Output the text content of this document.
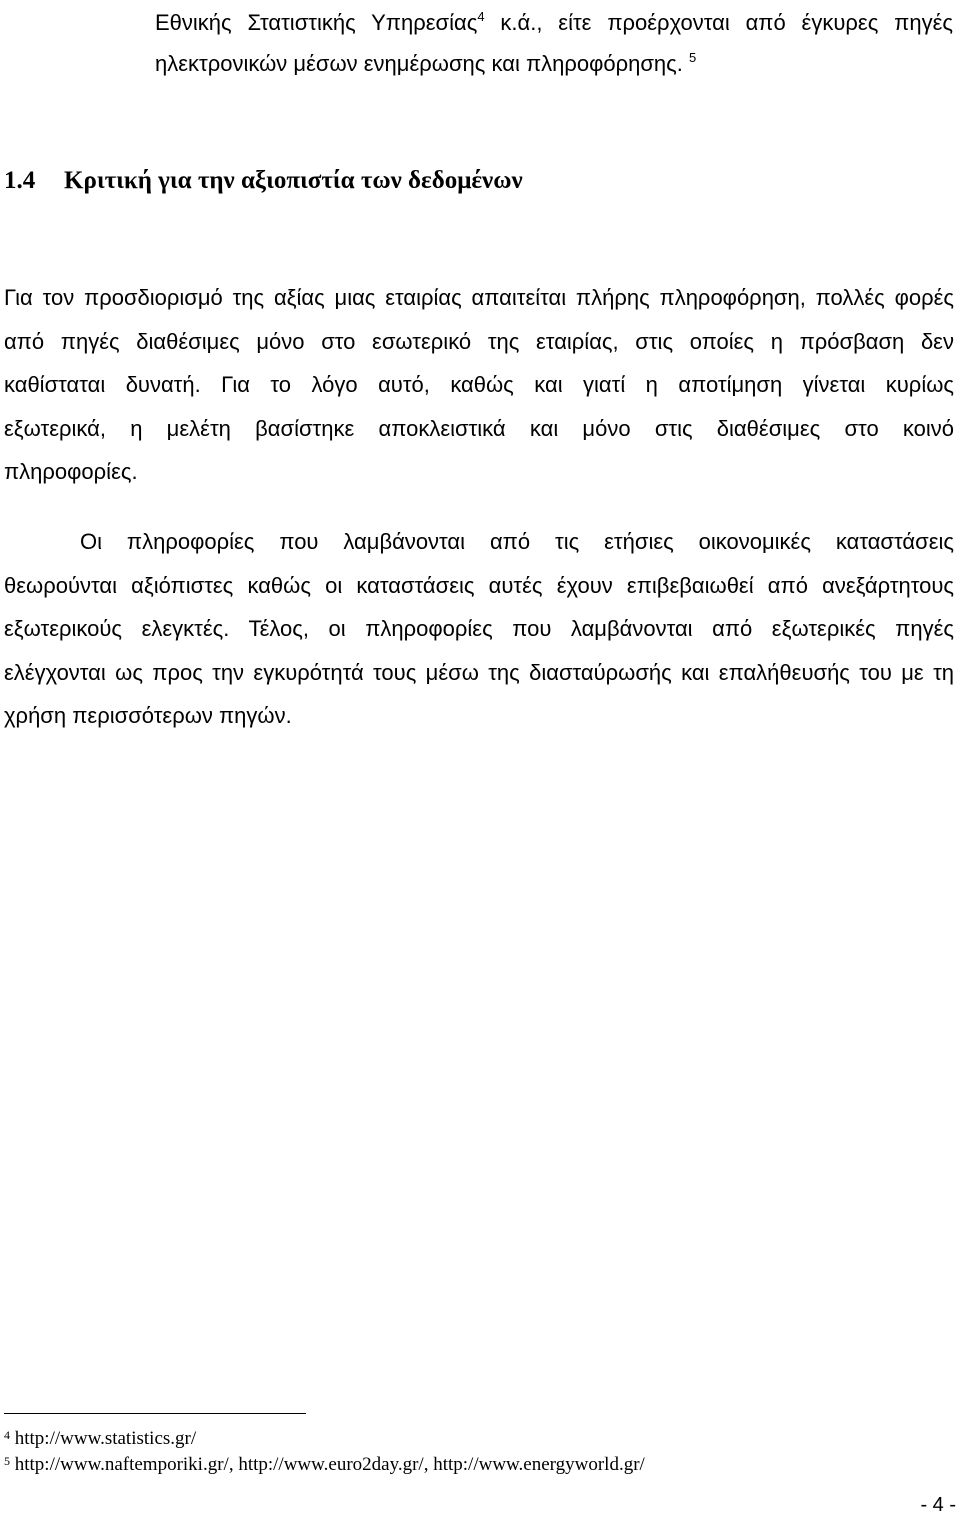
Εθνικής Στατιστικής Υπηρεσίας$^4$ κ.ά., είτε προέρχονται από έγκυρες πηγές
ηλεκτρονικών μέσων ενημέρωσης και πληροφόρησης. $^5$
1.4 Κριτική για την αξιοπιστία των δεδομένων
Για τον προσδιορισμό της αξίας μιας εταιρίας απαιτείται πλήρης πληροφόρηση, πολλές φορές
από πηγές διαθέσιμες μόνο στο εσωτερικό της εταιρίας, στις οποίες η πρόσβαση δεν
καθίσταται δυνατή. Για το λόγο αυτό, καθώς και γιατί η αποτίμηση γίνεται κυρίως
εξωτερικά, η μελέτη βασίστηκε αποκλειστικά και μόνο στις διαθέσιμες στο κοινό
πληροφορίες.
Οι πληροφορίες που λαμβάνονται από τις ετήσιες οικονομικές καταστάσεις
θεωρούνται αξιόπιστες καθώς οι καταστάσεις αυτές έχουν επιβεβαιωθεί από ανεξάρτητους
εξωτερικούς ελεγκτές. Τέλος, οι πληροφορίες που λαμβάνονται από εξωτερικές πηγές
ελέγχονται ως προς την εγκυρότητά τους μέσω της διασταύρωσής και επαλήθευσής του με τη
χρήση περισσότερων πηγών.
$^4$ http://www.statistics.gr/
$^5$ http://www.naftemporiki.gr/, http://www.euro2day.gr/, http://www.energyworld.gr/
- 4 -
